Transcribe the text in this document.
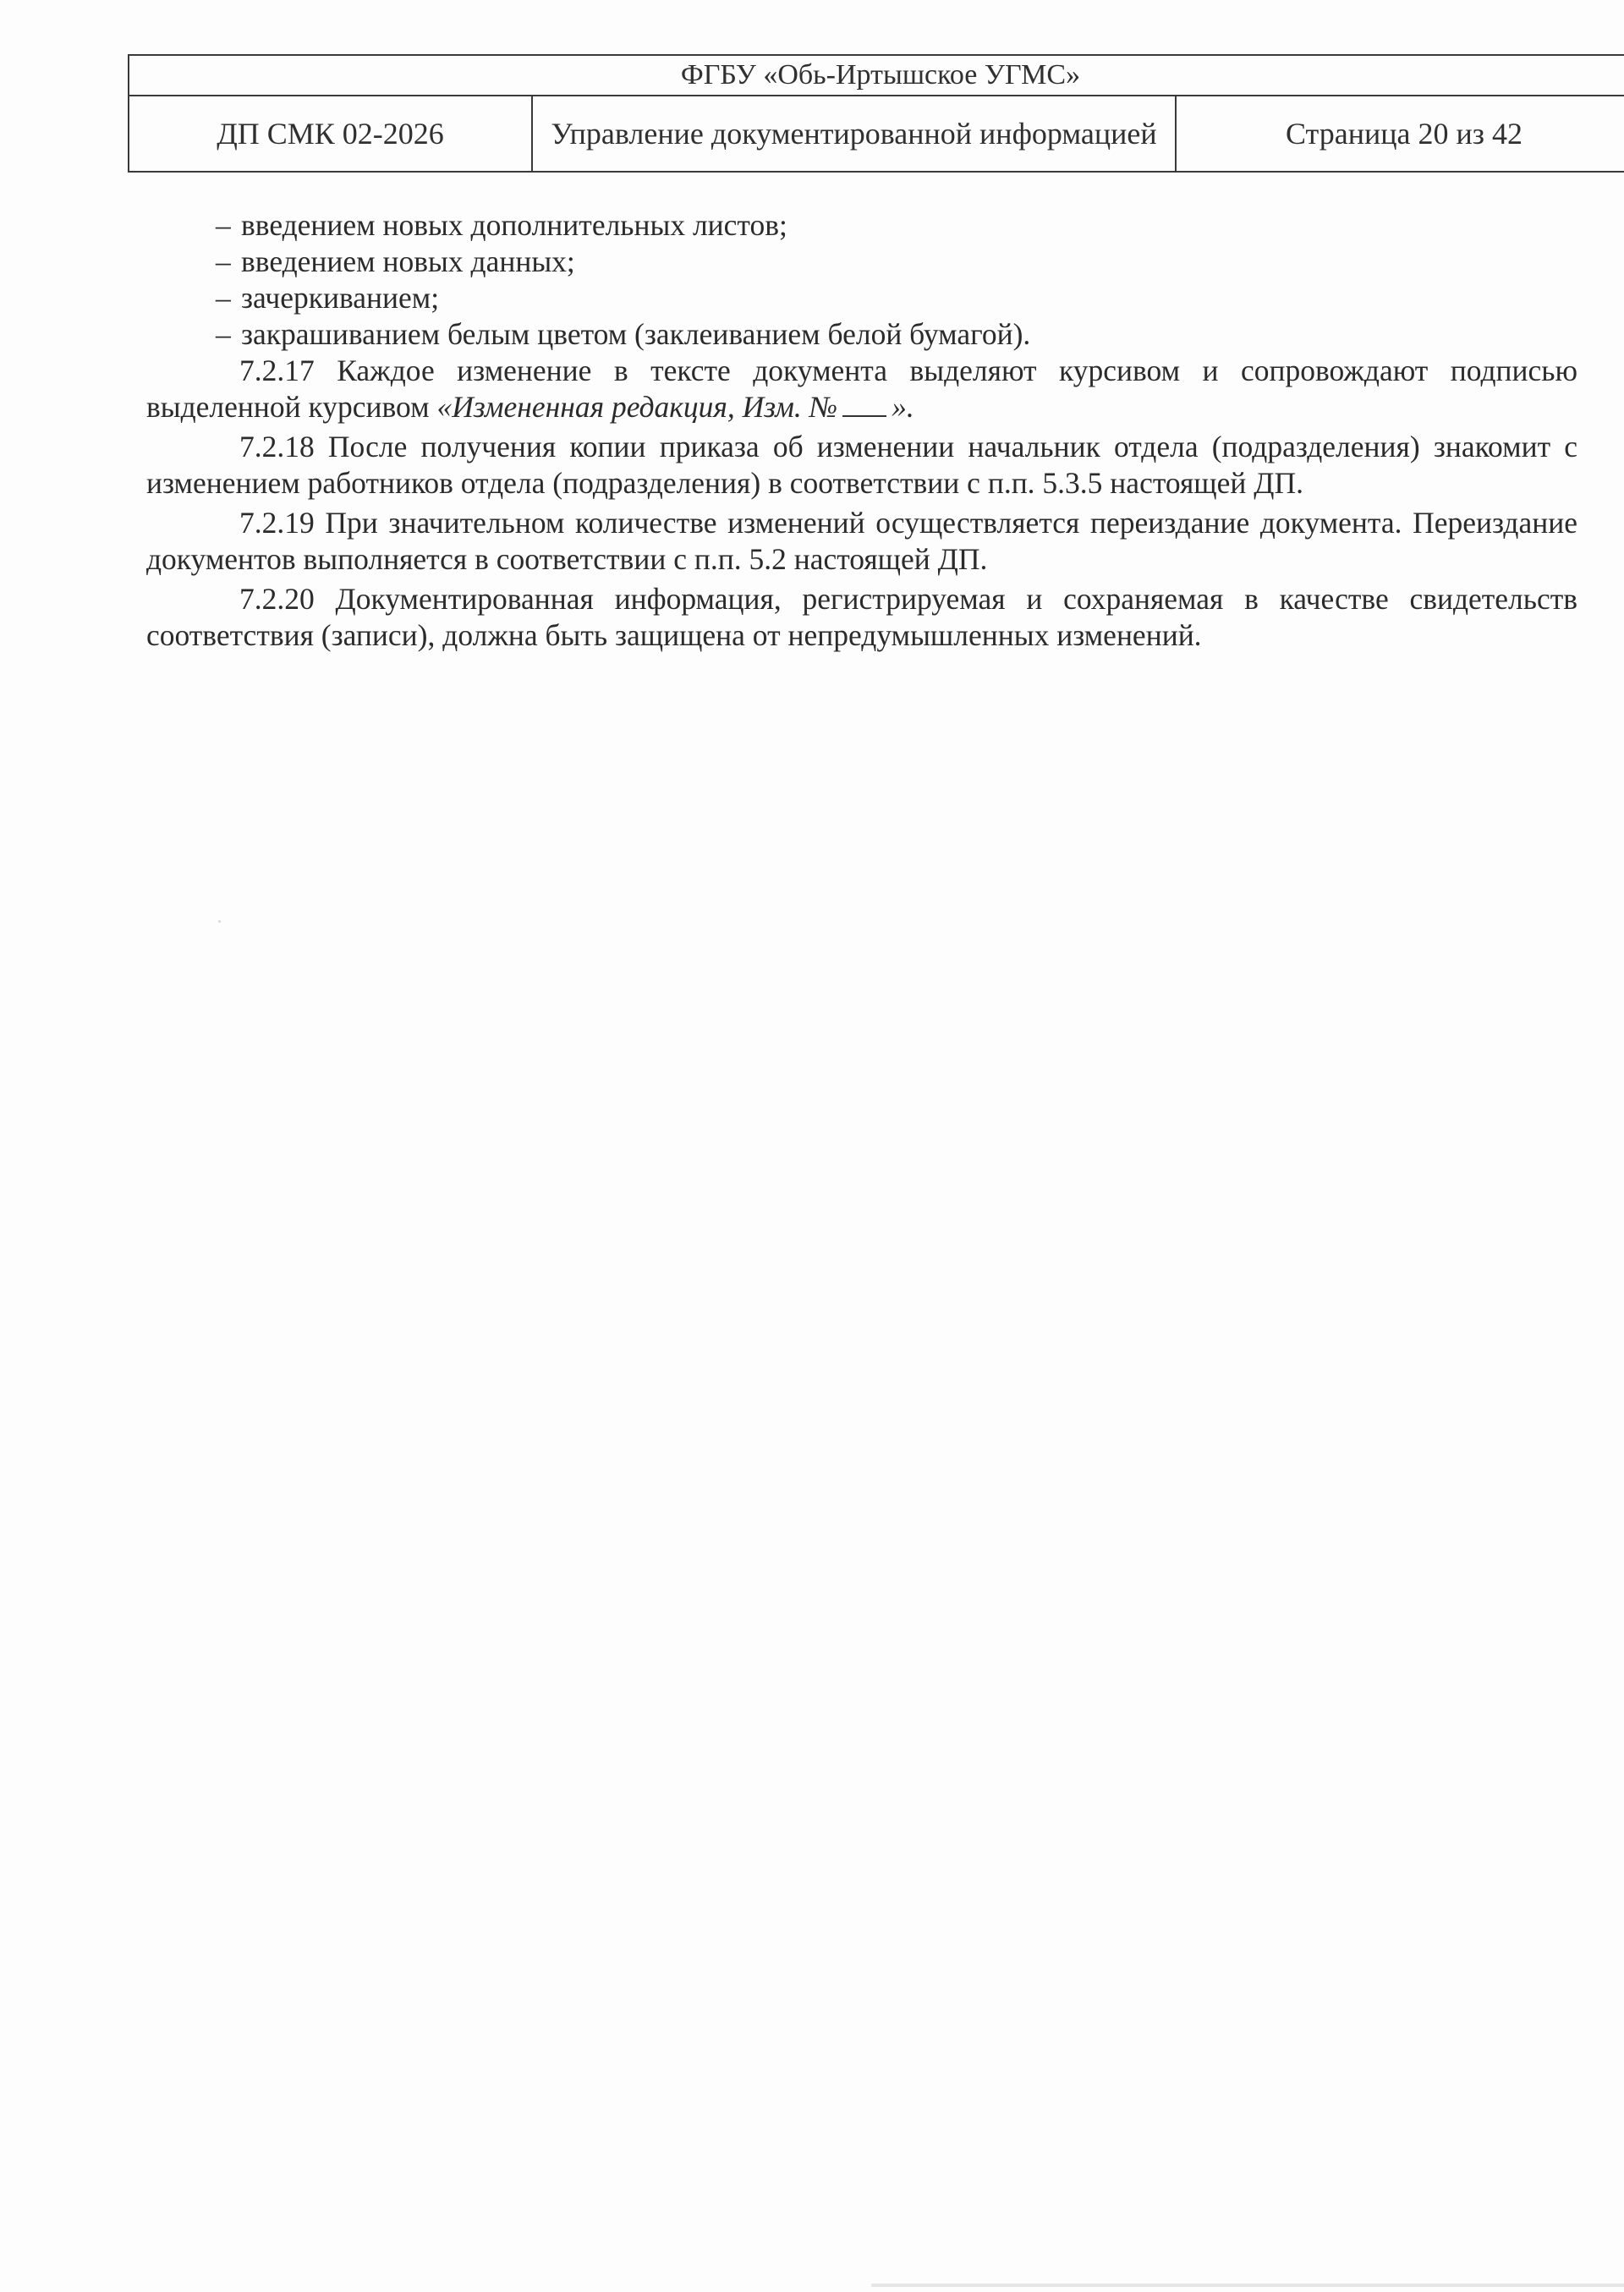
ФГБУ «Обь-Иртышское УГМС»
ДП СМК 02-2026	Управление документированной информацией	Страница 20 из 42

– введением новых дополнительных листов;

– введением новых данных;

– зачеркиванием;

– закрашиванием белым цветом (заклеиванием белой бумагой).

7.2.17 Каждое изменение в тексте документа выделяют курсивом и сопровождают подписью выделенной курсивом «Измененная редакция, Изм. № ».

7.2.18 После получения копии приказа об изменении начальник отдела (подразделения) знакомит с изменением работников отдела (подразделения) в соответствии с п.п. 5.3.5 настоящей ДП.

7.2.19 При значительном количестве изменений осуществляется переиздание документа. Переиздание документов выполняется в соответствии с п.п. 5.2 настоящей ДП.

7.2.20 Документированная информация, регистрируемая и сохраняемая в качестве свидетельств соответствия (записи), должна быть защищена от непредумышленных изменений.
